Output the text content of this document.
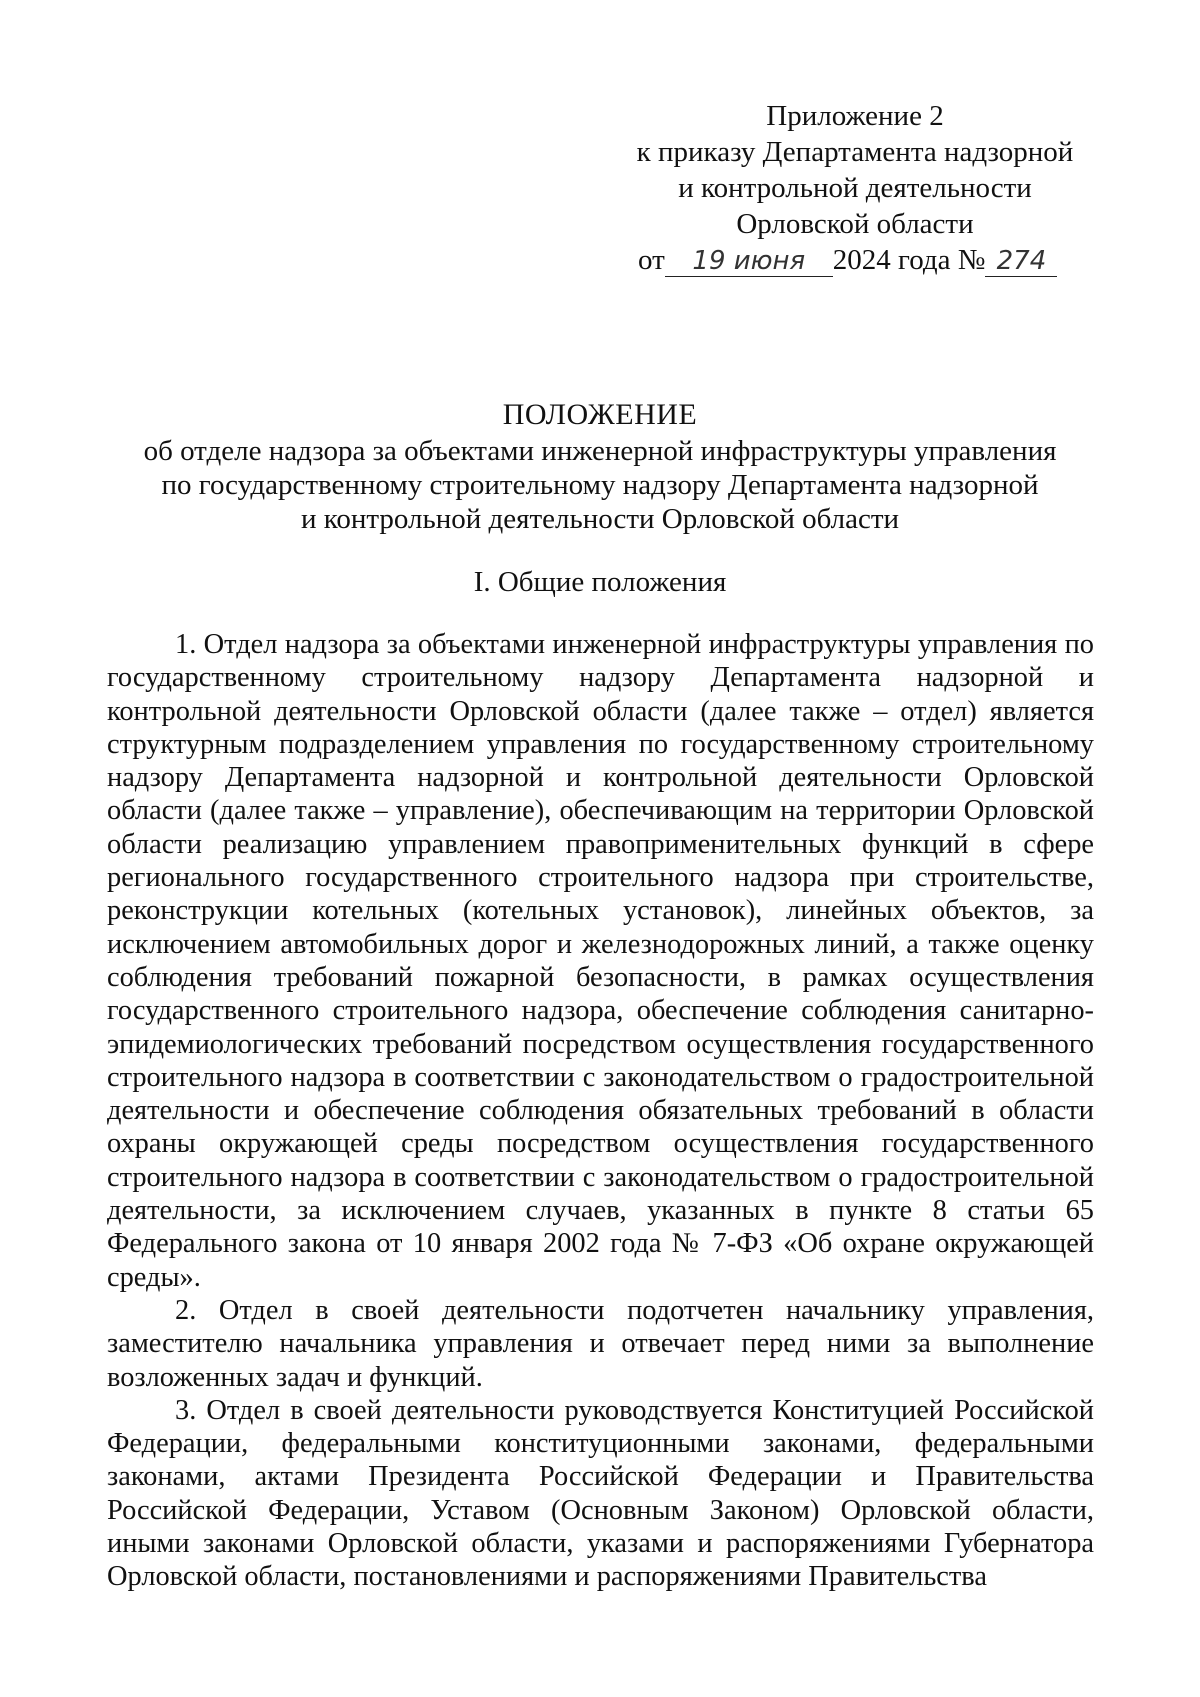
Приложение 2
к приказу Департамента надзорной
и контрольной деятельности
Орловской области
от 19 июня 2024 года № 274
ПОЛОЖЕНИЕ
об отделе надзора за объектами инженерной инфраструктуры управления
по государственному строительному надзору Департамента надзорной
и контрольной деятельности Орловской области
I. Общие положения

1. Отдел надзора за объектами инженерной инфраструктуры управления по государственному строительному надзору Департамента надзорной и контрольной деятельности Орловской области (далее также – отдел) является структурным подразделением управления по государственному строительному надзору Департамента надзорной и контрольной деятельности Орловской области (далее также – управление), обеспечивающим на территории Орловской области реализацию управлением правоприменительных функций в сфере регионального государственного строительного надзора при строительстве, реконструкции котельных (котельных установок), линейных объектов, за исключением автомобильных дорог и железнодорожных линий, а также оценку соблюдения требований пожарной безопасности, в рамках осуществления государственного строительного надзора, обеспечение соблюдения санитарно-эпидемиологических требований посредством осуществления государственного строительного надзора в соответствии с законодательством о градостроительной деятельности и обеспечение соблюдения обязательных требований в области охраны окружающей среды посредством осуществления государственного строительного надзора в соответствии с законодательством о градостроительной деятельности, за исключением случаев, указанных в пункте 8 статьи 65 Федерального закона от 10 января 2002 года № 7-ФЗ «Об охране окружающей среды».

2. Отдел в своей деятельности подотчетен начальнику управления, заместителю начальника управления и отвечает перед ними за выполнение возложенных задач и функций.

3. Отдел в своей деятельности руководствуется Конституцией Российской Федерации, федеральными конституционными законами, федеральными законами, актами Президента Российской Федерации и Правительства Российской Федерации, Уставом (Основным Законом) Орловской области, иными законами Орловской области, указами и распоряжениями Губернатора Орловской области, постановлениями и распоряжениями Правительства
